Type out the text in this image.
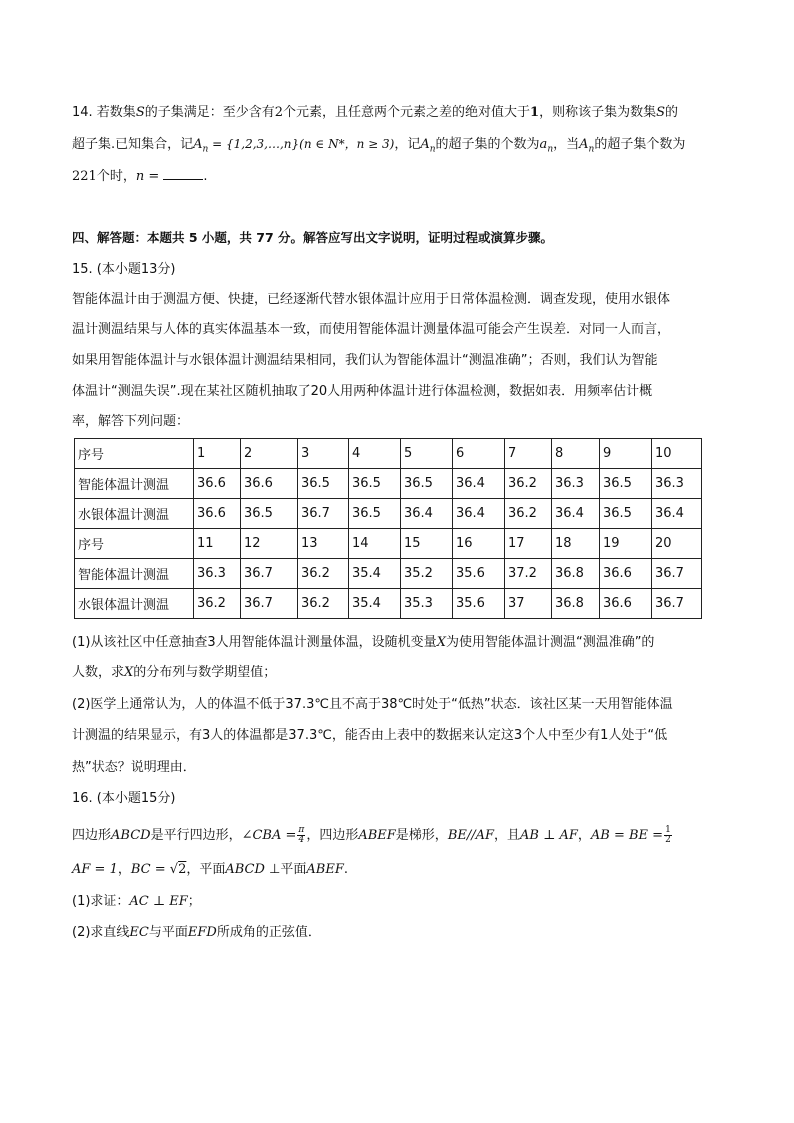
14. 若数集S的子集满足：至少含有2个元素，且任意两个元素之差的绝对值大于1，则称该子集为数集S的
超子集.已知集合，记$A_n$ = {1,2,3,…,n}(n ∈ N*，n ≥ 3)，记$A_n$的超子集的个数为$a_n$，当$A_n$的超子集个数为
221个时，n =	.
四、解答题：本题共 5 小题，共 77 分。解答应写出文字说明，证明过程或演算步骤。
15. (本小题13分)
智能体温计由于测温方便、快捷，已经逐渐代替水银体温计应用于日常体温检测．调查发现，使用水银体
温计测温结果与人体的真实体温基本一致，而使用智能体温计测量体温可能会产生误差．对同一人而言，
如果用智能体温计与水银体温计测温结果相同，我们认为智能体温计“测温准确”；否则，我们认为智能
体温计“测温失误”.现在某社区随机抽取了20人用两种体温计进行体温检测，数据如表．用频率估计概
率，解答下列问题：
序号	1	2	3	4	5	6	7	8	9	10
智能体温计测温	36.6	36.6	36.5	36.5	36.5	36.4	36.2	36.3	36.5	36.3
水银体温计测温	36.6	36.5	36.7	36.5	36.4	36.4	36.2	36.4	36.5	36.4
序号	11	12	13	14	15	16	17	18	19	20
智能体温计测温	36.3	36.7	36.2	35.4	35.2	35.6	37.2	36.8	36.6	36.7
水银体温计测温	36.2	36.7	36.2	35.4	35.3	35.6	37	36.8	36.6	36.7
(1)从该社区中任意抽查3人用智能体温计测量体温，设随机变量X为使用智能体温计测温“测温准确”的
人数，求X的分布列与数学期望值；
(2)医学上通常认为，人的体温不低于37.3℃且不高于38℃时处于“低热”状态．该社区某一天用智能体温
计测温的结果显示，有3人的体温都是37.3℃，能否由上表中的数据来认定这3个人中至少有1人处于“低
热”状态？说明理由．
16. (本小题15分)
四边形ABCD是平行四边形，∠CBA = $\frac{\pi}{4}$ ，四边形ABEF是梯形，BE//AF，且AB ⊥ AF，AB = BE = $\frac{1}{2}$
AF = 1，BC = √2，平面ABCD ⊥平面ABEF.
(1)求证：AC ⊥ EF；
(2)求直线EC与平面EFD所成角的正弦值．
